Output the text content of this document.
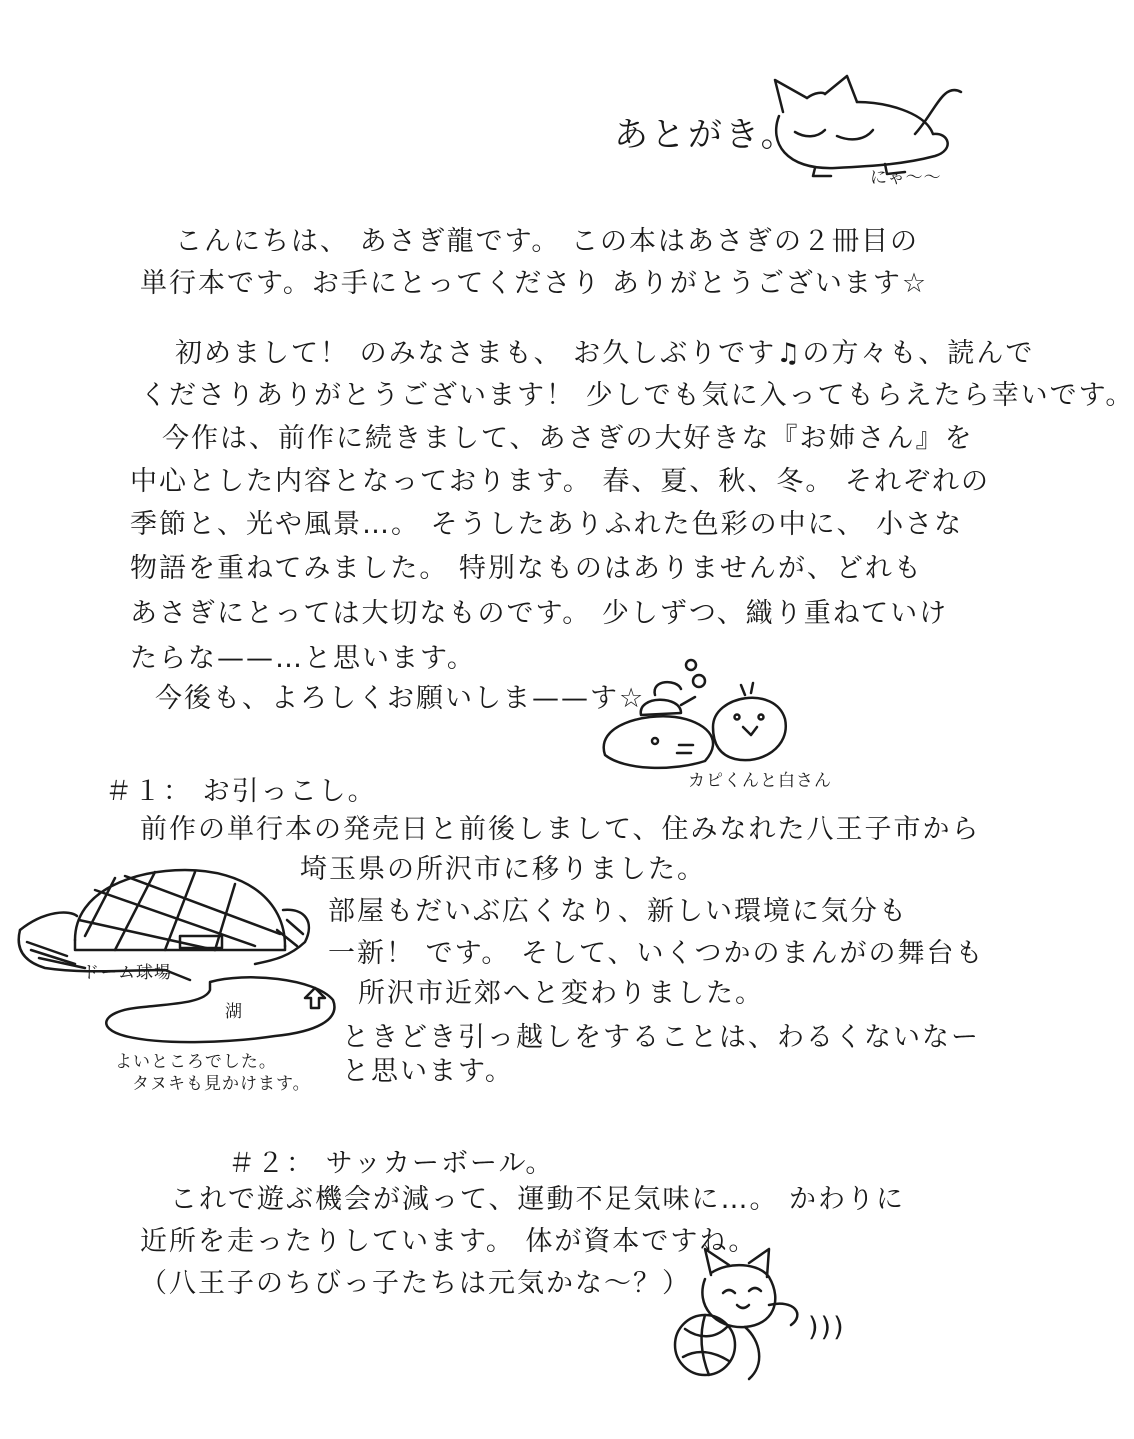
あとがき。

にゃ〜〜

こんにちは、 あさぎ龍です。 この本はあさぎの２冊目の

単行本です。お手にとってくださり ありがとうございます☆

初めまして！ のみなさまも、 お久しぶりです♫の方々も、読んで

くださりありがとうございます！ 少しでも気に入ってもらえたら幸いです。

今作は、前作に続きまして、あさぎの大好きな『お姉さん』を

中心とした内容となっております。 春、夏、秋、冬。 それぞれの

季節と、光や風景…。 そうしたありふれた色彩の中に、 小さな

物語を重ねてみました。 特別なものはありませんが、どれも

あさぎにとっては大切なものです。 少しずつ、織り重ねていけ

たらな——…と思います。

今後も、よろしくお願いしま——す☆

カピくんと白さん

＃１： お引っこし。

前作の単行本の発売日と前後しまして、住みなれた八王子市から

埼玉県の所沢市に移りました。

部屋もだいぶ広くなり、新しい環境に気分も

一新！ です。 そして、いくつかのまんがの舞台も

所沢市近郊へと変わりました。

ときどき引っ越しをすることは、わるくないなー

と思います。

ドーム球場

湖

よいところでした。

タヌキも見かけます。

＃２： サッカーボール。

これで遊ぶ機会が減って、運動不足気味に…。 かわりに

近所を走ったりしています。 体が資本ですね。

（八王子のちびっ子たちは元気かな〜？）

)))
